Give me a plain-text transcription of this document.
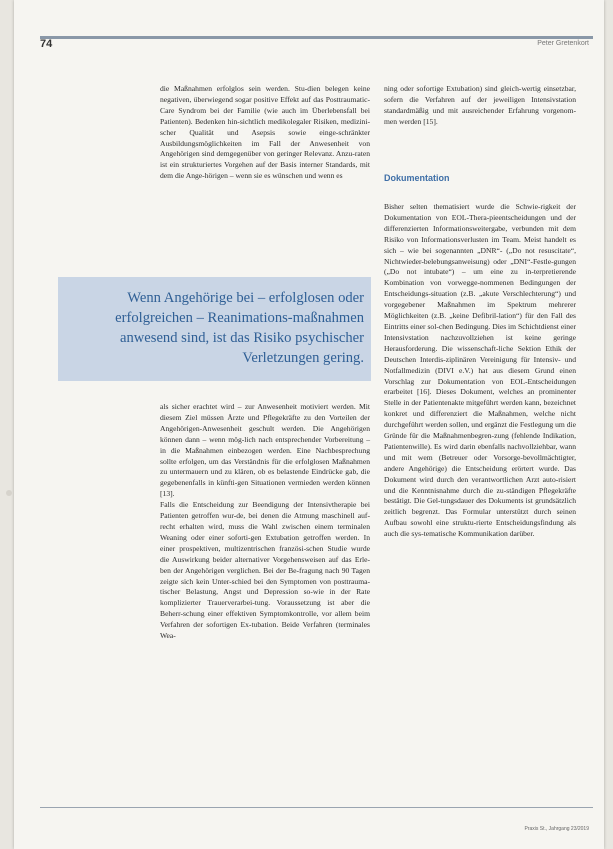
74	Peter Gretenkort

die Maßnahmen erfolglos sein werden. Stu-dien belegen keine negativen, überwiegend sogar positive Effekt auf das Posttraumatic-Care Syndrom bei der Familie (wie auch im Überlebensfall bei Patienten). Bedenken hin-sichtlich medikolegaler Risiken, medizini-scher Qualität und Asepsis sowie einge-schränkter Ausbildungsmöglichkeiten im Fall der Anwesenheit von Angehörigen sind demgegenüber von geringer Relevanz. Anzu-raten ist ein strukturiertes Vorgehen auf der Basis interner Standards, mit dem die Ange-hörigen – wenn sie es wünschen und wenn es

Wenn Angehörige bei – erfolglosen oder erfolgreichen – Reanimations-maßnahmen anwesend sind, ist das Risiko psychischer Verletzungen gering.

als sicher erachtet wird – zur Anwesenheit motiviert werden. Mit diesem Ziel müssen Ärzte und Pflegekräfte zu den Vorteilen der Angehörigen-Anwesenheit geschult werden. Die Angehörigen können dann – wenn mög-lich nach entsprechender Vorbereitung – in die Maßnahmen einbezogen werden. Eine Nachbesprechung sollte erfolgen, um das Verständnis für die erfolglosen Maßnahmen zu untermauern und zu klären, ob es belastende Eindrücke gab, die gegebenenfalls in künfti-gen Situationen vermieden werden können [13].

Falls die Entscheidung zur Beendigung der Intensivtherapie bei Patienten getroffen wur-de, bei denen die Atmung maschinell auf-recht erhalten wird, muss die Wahl zwischen einem terminalen Weaning oder einer soforti-gen Extubation getroffen werden. In einer prospektiven, multizentrischen französi-schen Studie wurde die Auswirkung beider alternativer Vorgehensweisen auf das Erle-ben der Angehörigen verglichen. Bei der Be-fragung nach 90 Tagen zeigte sich kein Unter-schied bei den Symptomen von posttrauma-tischer Belastung, Angst und Depression so-wie in der Rate komplizierter Trauerverarbei-tung. Voraussetzung ist aber die Beherr-schung einer effektiven Symptomkontrolle, vor allem beim Verfahren der sofortigen Ex-tubation. Beide Verfahren (terminales Wea-

ning oder sofortige Extubation) sind gleich-wertig einsetzbar, sofern die Verfahren auf der jeweiligen Intensivstation standardmäßig und mit ausreichender Erfahrung vorgenom-men werden [15].

Dokumentation

Bisher selten thematisiert wurde die Schwie-rigkeit der Dokumentation von EOL-Thera-pieentscheidungen und der differenzierten Informationsweitergabe, verbunden mit dem Risiko von Informationsverlusten im Team. Meist handelt es sich – wie bei sogenannten „DNR“- („Do not resuscitate“, Nichtwieder-belebungsanweisung) oder „DNI“-Festle-gungen („Do not intubate“) – um eine zu in-terpretierende Kombination von vorwegge-nommenen Bedingungen der Entscheidungs-situation (z.B. „akute Verschlechterung“) und vorgegebener Maßnahmen im Spektrum mehrerer Möglichkeiten (z.B. „keine Defibril-lation“) für den Fall des Eintritts einer sol-chen Bedingung. Dies im Schichtdienst einer Intensivstation nachzuvollziehen ist keine geringe Herausforderung. Die wissenschaft-liche Sektion Ethik der Deutschen Interdis-ziplinären Vereinigung für Intensiv- und Notfallmedizin (DIVI e.V.) hat aus diesem Grund einen Vorschlag zur Dokumentation von EOL-Entscheidungen erarbeitet [16]. Dieses Dokument, welches an prominenter Stelle in der Patientenakte mitgeführt werden kann, bezeichnet konkret und differenziert die Maßnahmen, welche nicht durchgeführt werden sollen, und ergänzt die Festlegung um die Gründe für die Maßnahmenbegren-zung (fehlende Indikation, Patientenwille). Es wird darin ebenfalls nachvollziehbar, wann und mit wem (Betreuer oder Vorsorge-bevollmächtigter, andere Angehörige) die Entscheidung erörtert wurde. Das Dokument wird durch den verantwortlichen Arzt auto-risiert und die Kenntnisnahme durch die zu-ständigen Pflegekräfte bestätigt. Die Gel-tungsdauer des Dokuments ist grundsätzlich zeitlich begrenzt. Das Formular unterstützt durch seinen Aufbau sowohl eine struktu-rierte Entscheidungsfindung als auch die sys-tematische Kommunikation darüber.

Praxis St., Jahrgang 23/2019
